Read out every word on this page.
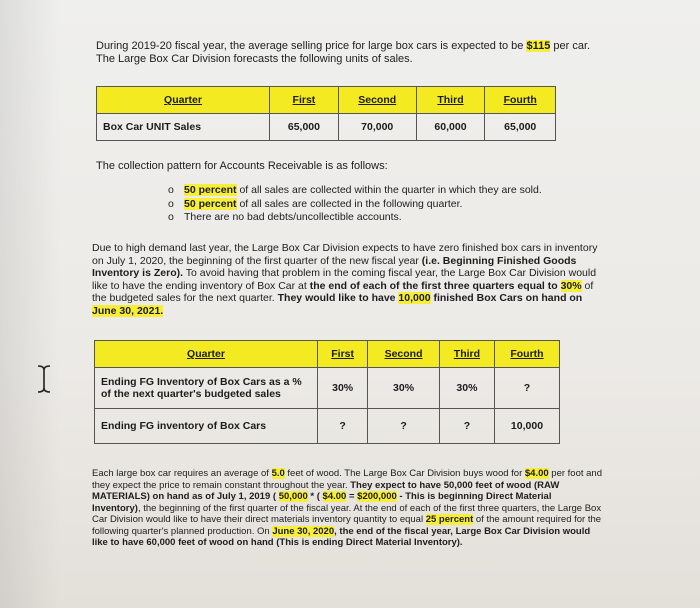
During 2019-20 fiscal year, the average selling price for large box cars is expected to be $115 per car.
The Large Box Car Division forecasts the following units of sales.
Quarter	First	Second	Third	Fourth
Box Car UNIT Sales	65,000	70,000	60,000	65,000
The collection pattern for Accounts Receivable is as follows:
o 50 percent of all sales are collected within the quarter in which they are sold.
o 50 percent of all sales are collected in the following quarter.
o There are no bad debts/uncollectible accounts.
Due to high demand last year, the Large Box Car Division expects to have zero finished box cars in inventory on July 1, 2020, the beginning of the first quarter of the new fiscal year (i.e. Beginning Finished Goods Inventory is Zero). To avoid having that problem in the coming fiscal year, the Large Box Car Division would like to have the ending inventory of Box Car at the end of each of the first three quarters equal to 30% of the budgeted sales for the next quarter. They would like to have 10,000 finished Box Cars on hand on June 30, 2021.
Quarter	First	Second	Third	Fourth
Ending FG Inventory of Box Cars as a % of the next quarter's budgeted sales	30%	30%	30%	?
Ending FG inventory of Box Cars	?	?	?	10,000
Each large box car requires an average of 5.0 feet of wood. The Large Box Car Division buys wood for $4.00 per foot and they expect the price to remain constant throughout the year. They expect to have 50,000 feet of wood (RAW MATERIALS) on hand as of July 1, 2019 ( 50,000 * ( $4.00 = $200,000 - This is beginning Direct Material Inventory), the beginning of the first quarter of the fiscal year. At the end of each of the first three quarters, the Large Box Car Division would like to have their direct materials inventory quantity to equal 25 percent of the amount required for the following quarter's planned production. On June 30, 2020, the end of the fiscal year, Large Box Car Division would like to have 60,000 feet of wood on hand (This is ending Direct Material Inventory).
